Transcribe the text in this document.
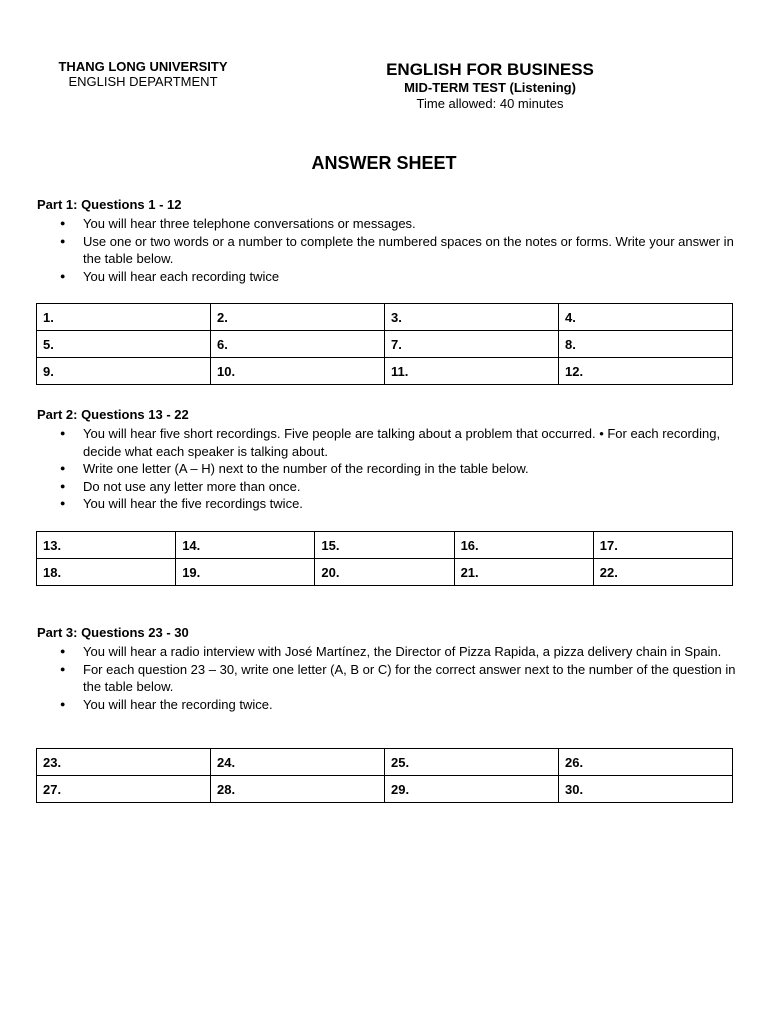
THANG LONG UNIVERSITY
ENGLISH DEPARTMENT
ENGLISH FOR BUSINESS
MID-TERM TEST (Listening)
Time allowed: 40 minutes
ANSWER SHEET
Part 1: Questions 1 - 12
● You will hear three telephone conversations or messages.
● Use one or two words or a number to complete the numbered spaces on the notes or forms. Write your answer in the table below.
● You will hear each recording twice
1.	2.	3.	4.
5.	6.	7.	8.
9.	10.	11.	12.
Part 2: Questions 13 - 22
● You will hear five short recordings. Five people are talking about a problem that occurred. • For each recording, decide what each speaker is talking about.
● Write one letter (A – H) next to the number of the recording in the table below.
● Do not use any letter more than once.
● You will hear the five recordings twice.
13.	14.	15.	16.	17.
18.	19.	20.	21.	22.
Part 3: Questions 23 - 30
● You will hear a radio interview with José Martínez, the Director of Pizza Rapida, a pizza delivery chain in Spain.
● For each question 23 – 30, write one letter (A, B or C) for the correct answer next to the number of the question in the table below.
● You will hear the recording twice.
23.	24.	25.	26.
27.	28.	29.	30.
